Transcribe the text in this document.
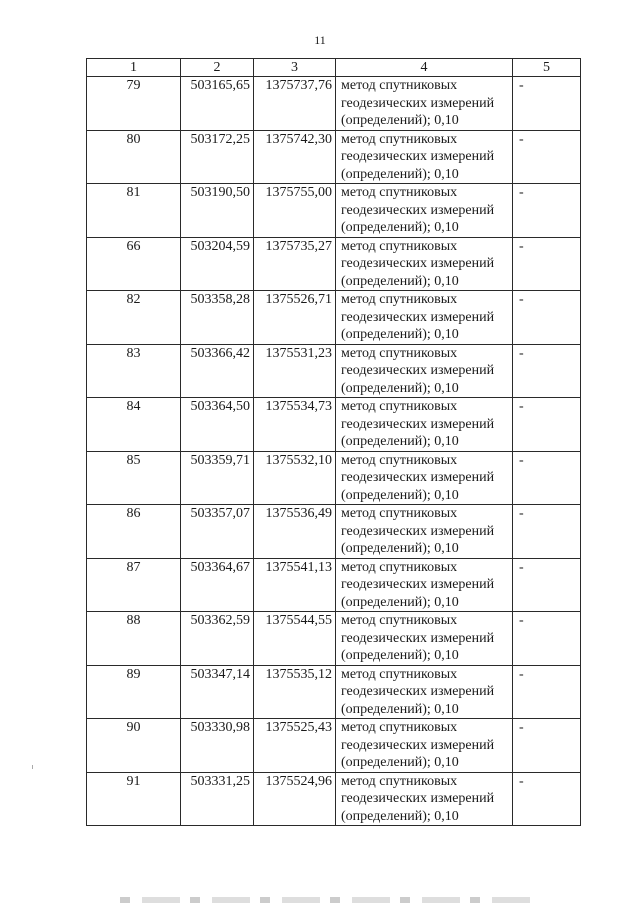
11
1	2	3	4	5
79	503165,65	1375737,76	метод спутниковых геодезических измерений (определений); 0,10	-
80	503172,25	1375742,30	метод спутниковых геодезических измерений (определений); 0,10	-
81	503190,50	1375755,00	метод спутниковых геодезических измерений (определений); 0,10	-
66	503204,59	1375735,27	метод спутниковых геодезических измерений (определений); 0,10	-
82	503358,28	1375526,71	метод спутниковых геодезических измерений (определений); 0,10	-
83	503366,42	1375531,23	метод спутниковых геодезических измерений (определений); 0,10	-
84	503364,50	1375534,73	метод спутниковых геодезических измерений (определений); 0,10	-
85	503359,71	1375532,10	метод спутниковых геодезических измерений (определений); 0,10	-
86	503357,07	1375536,49	метод спутниковых геодезических измерений (определений); 0,10	-
87	503364,67	1375541,13	метод спутниковых геодезических измерений (определений); 0,10	-
88	503362,59	1375544,55	метод спутниковых геодезических измерений (определений); 0,10	-
89	503347,14	1375535,12	метод спутниковых геодезических измерений (определений); 0,10	-
90	503330,98	1375525,43	метод спутниковых геодезических измерений (определений); 0,10	-
91	503331,25	1375524,96	метод спутниковых геодезических измерений (определений); 0,10	-
